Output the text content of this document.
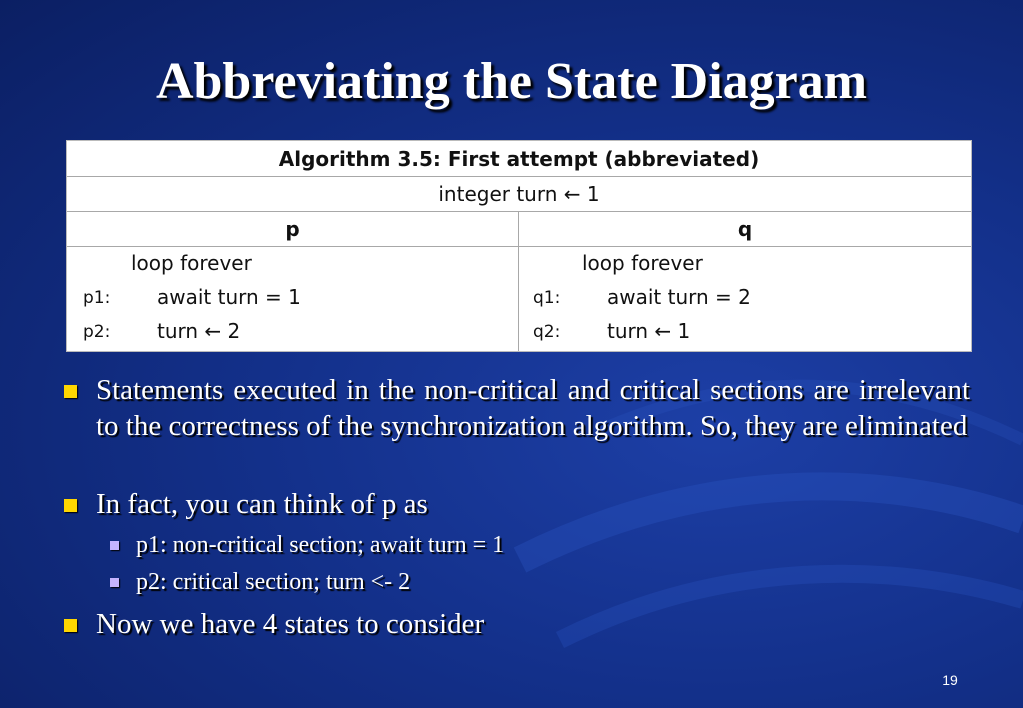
Abbreviating the State Diagram
Algorithm 3.5: First attempt (abbreviated)
integer turn ← 1
p	q
loop forever
p1: await turn = 1
p2: turn ← 2
loop forever
q1: await turn = 2
q2: turn ← 1
Statements executed in the non-critical and critical sections are irrelevant to the correctness of the synchronization algorithm. So, they are eliminated
In fact, you can think of p as
p1: non-critical section; await turn = 1
p2: critical section; turn <- 2
Now we have 4 states to consider
19
